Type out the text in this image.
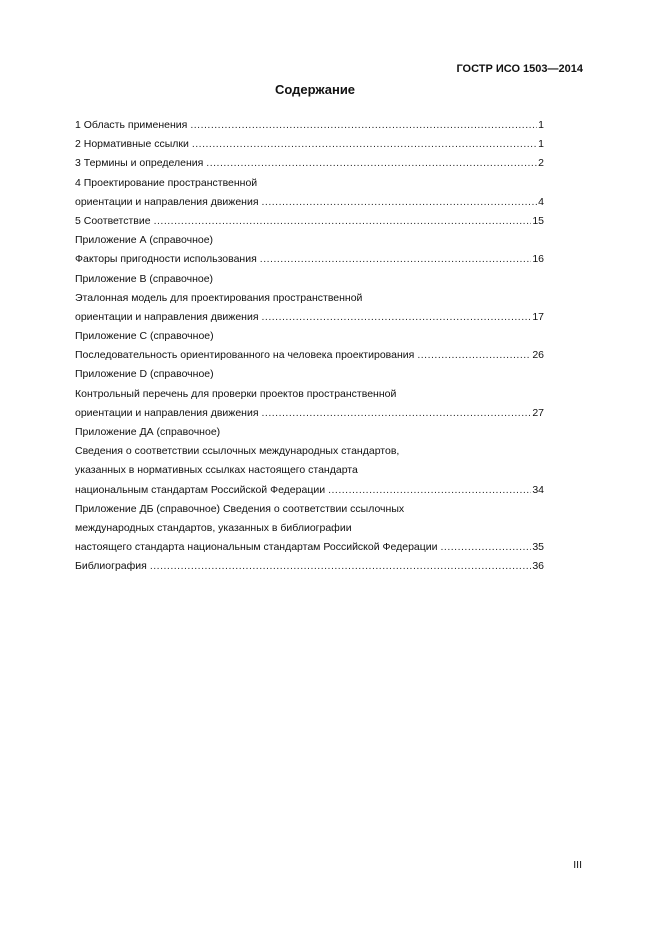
ГОСТР ИСО 1503—2014
Содержание
1 Область применения .....	1
2 Нормативные ссылки .....	1
3 Термины и определения .....	2
4 Проектирование пространственной
ориентации и направления движения .....	4
5 Соответствие .....	15
Приложение А (справочное)
Факторы пригодности использования .....	16
Приложение В (справочное)
Эталонная модель для проектирования пространственной
ориентации и направления движения .....	17
Приложение С (справочное)
Последовательность ориентированного на человека проектирования .....	26
Приложение D (справочное)
Контрольный перечень для проверки проектов пространственной
ориентации и направления движения .....	27
Приложение ДА (справочное)
Сведения о соответствии ссылочных международных стандартов,
указанных в нормативных ссылках настоящего стандарта
национальным стандартам Российской Федерации .....	34
Приложение ДБ (справочное) Сведения о соответствии ссылочных
международных стандартов, указанных в библиографии
настоящего стандарта национальным стандартам Российской Федерации .....	35
Библиография .....	36
III
